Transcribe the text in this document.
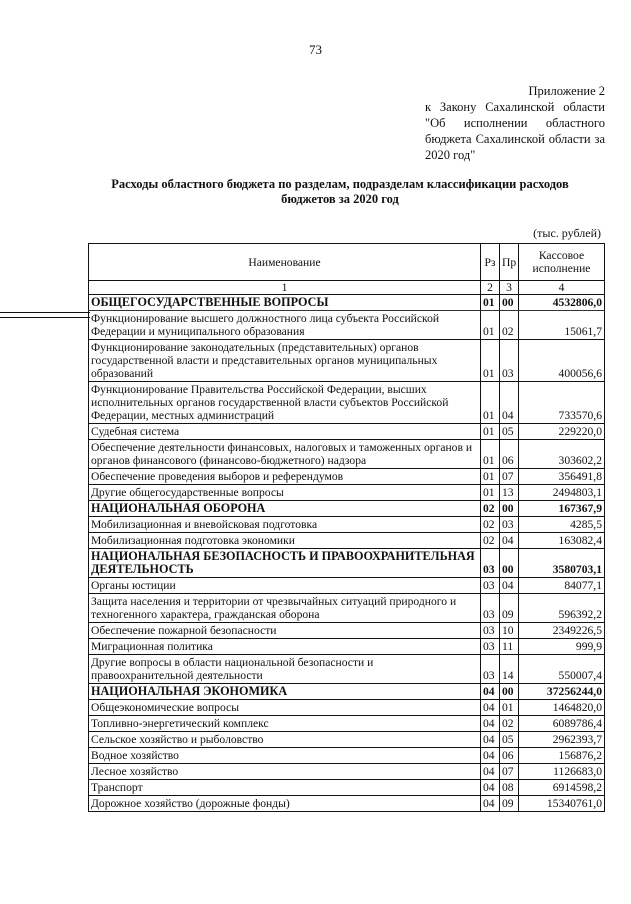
73
Приложение 2
к Закону Сахалинской области
"Об исполнении областного
бюджета Сахалинской области за
2020 год"
Расходы областного бюджета по разделам, подразделам классификации расходов бюджетов за 2020 год
(тыс. рублей)
Наименование	Рз	Пр	Кассовое исполнение
1	2	3	4
ОБЩЕГОСУДАРСТВЕННЫЕ ВОПРОСЫ	01	00	4532806,0
Функционирование высшего должностного лица субъекта Российской Федерации и муниципального образования	01	02	15061,7
Функционирование законодательных (представительных) органов государственной власти и представительных органов муниципальных образований	01	03	400056,6
Функционирование Правительства Российской Федерации, высших исполнительных органов государственной власти субъектов Российской Федерации, местных администраций	01	04	733570,6
Судебная система	01	05	229220,0
Обеспечение деятельности финансовых, налоговых и таможенных органов и органов финансового (финансово-бюджетного) надзора	01	06	303602,2
Обеспечение проведения выборов и референдумов	01	07	356491,8
Другие общегосударственные вопросы	01	13	2494803,1
НАЦИОНАЛЬНАЯ ОБОРОНА	02	00	167367,9
Мобилизационная и вневойсковая подготовка	02	03	4285,5
Мобилизационная подготовка экономики	02	04	163082,4
НАЦИОНАЛЬНАЯ БЕЗОПАСНОСТЬ И ПРАВООХРАНИТЕЛЬНАЯ ДЕЯТЕЛЬНОСТЬ	03	00	3580703,1
Органы юстиции	03	04	84077,1
Защита населения и территории от чрезвычайных ситуаций природного и техногенного характера, гражданская оборона	03	09	596392,2
Обеспечение пожарной безопасности	03	10	2349226,5
Миграционная политика	03	11	999,9
Другие вопросы в области национальной безопасности и правоохранительной деятельности	03	14	550007,4
НАЦИОНАЛЬНАЯ ЭКОНОМИКА	04	00	37256244,0
Общеэкономические вопросы	04	01	1464820,0
Топливно-энергетический комплекс	04	02	6089786,4
Сельское хозяйство и рыболовство	04	05	2962393,7
Водное хозяйство	04	06	156876,2
Лесное хозяйство	04	07	1126683,0
Транспорт	04	08	6914598,2
Дорожное хозяйство (дорожные фонды)	04	09	15340761,0
